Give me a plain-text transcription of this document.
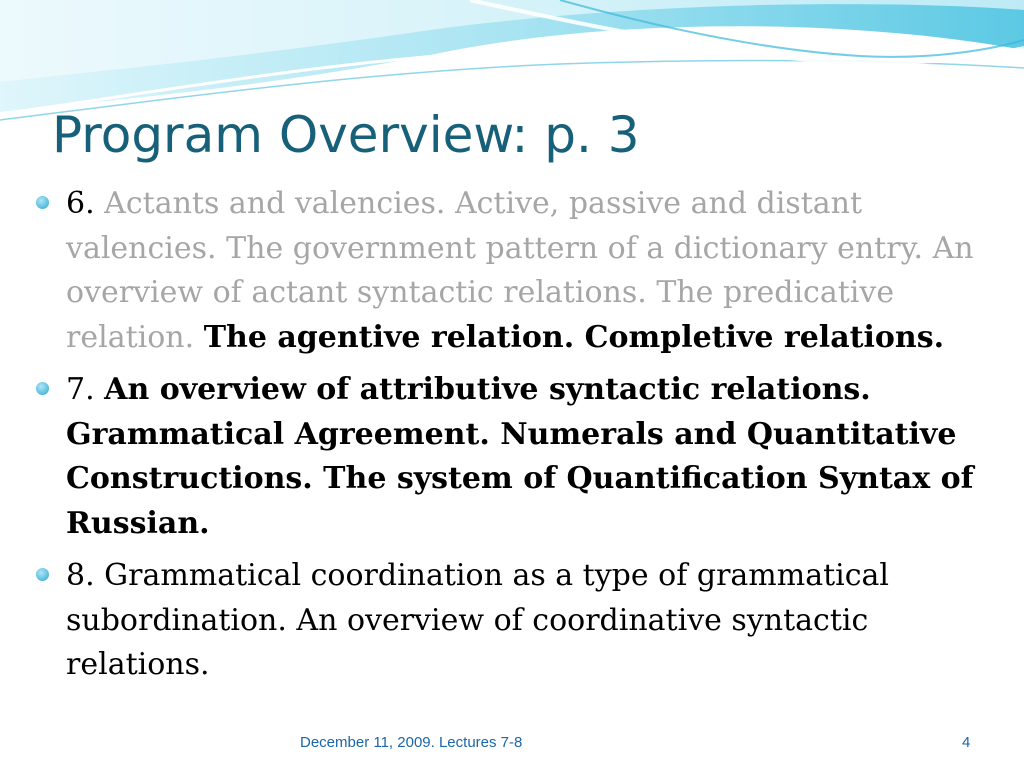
Program Overview: p. 3
6. Actants and valencies. Active, passive and distant valencies. The government pattern of a dictionary entry. An overview of actant syntactic relations. The predicative relation. The agentive relation. Completive relations.
7. An overview of attributive syntactic relations. Grammatical Agreement. Numerals and Quantitative Constructions. The system of Quantification Syntax of Russian.
8. Grammatical coordination as a type of grammatical subordination. An overview of coordinative syntactic relations.
December 11, 2009. Lectures 7-8	4
